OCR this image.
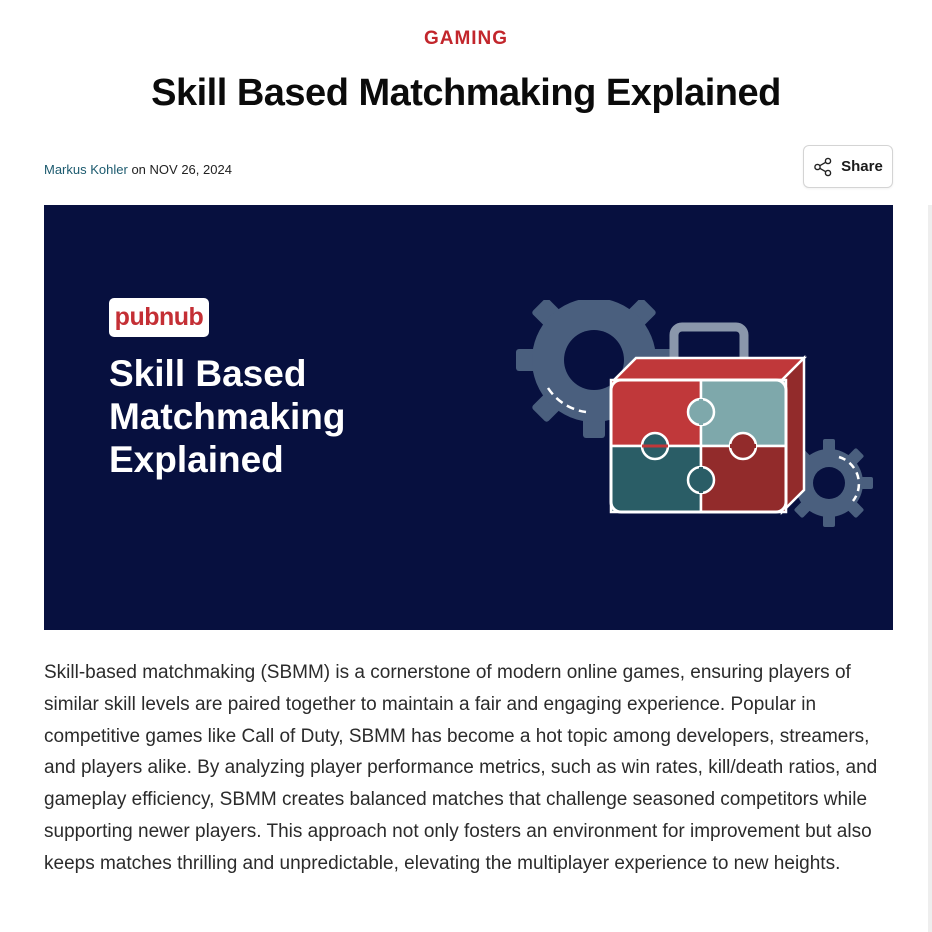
GAMING
Skill Based Matchmaking Explained
Markus Kohler on NOV 26, 2024	Share
pubnub
Skill Based
Matchmaking
Explained

Skill-based matchmaking (SBMM) is a cornerstone of modern online games, ensuring players of similar skill levels are paired together to maintain a fair and engaging experience. Popular in competitive games like Call of Duty, SBMM has become a hot topic among developers, streamers, and players alike. By analyzing player performance metrics, such as win rates, kill/death ratios, and gameplay efficiency, SBMM creates balanced matches that challenge seasoned competitors while supporting newer players. This approach not only fosters an environment for improvement but also keeps matches thrilling and unpredictable, elevating the multiplayer experience to new heights.
